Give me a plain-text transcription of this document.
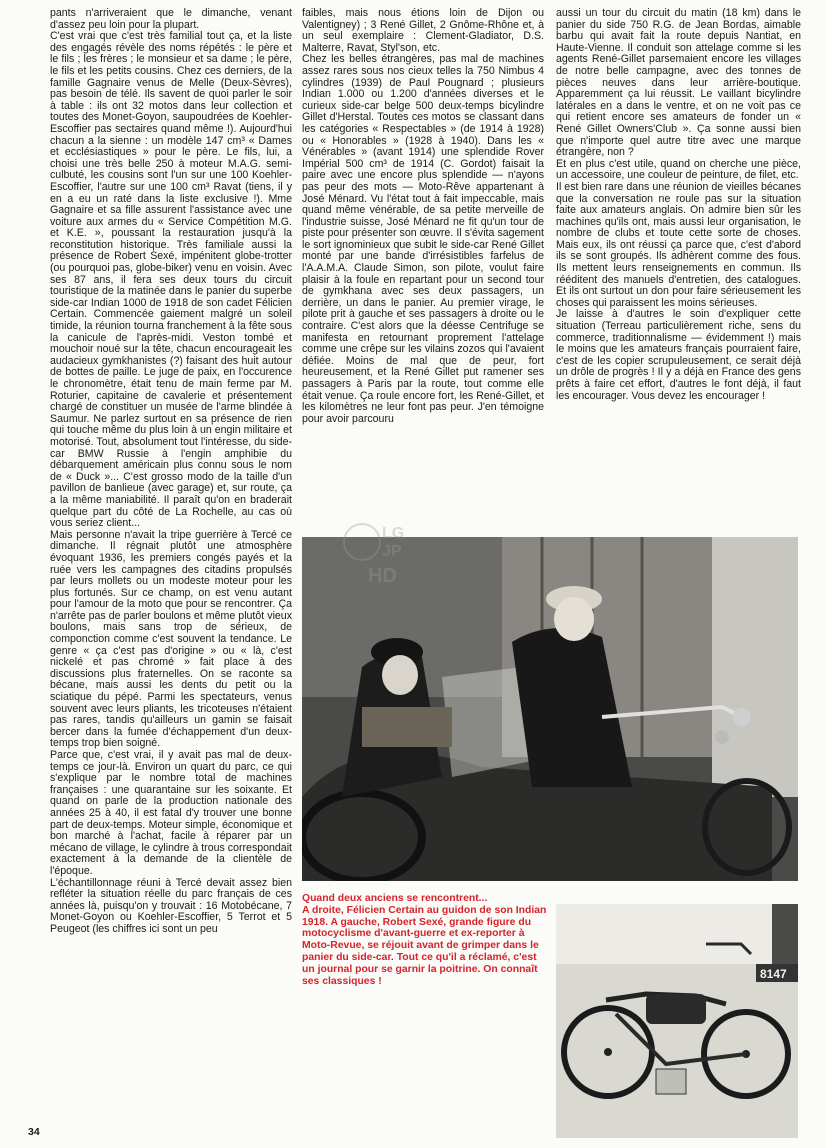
pants n'arriveraient que le dimanche, venant d'assez peu loin pour la plupart.

C'est vrai que c'est très familial tout ça, et la liste des engagés révèle des noms répétés : le père et le fils ; les frères ; le monsieur et sa dame ; le père, le fils et les petits cousins. Chez ces derniers, de la famille Gagnaire venus de Melle (Deux-Sèvres), pas besoin de télé. Ils savent de quoi parler le soir à table : ils ont 32 motos dans leur collection et toutes des Monet-Goyon, saupoudrées de Koehler-Escoffier pas sectaires quand même !). Aujourd'hui chacun a la sienne : un modèle 147 cm³ « Dames et ecclésiastiques » pour le père. Le fils, lui, a choisi une très belle 250 à moteur M.A.G. semi-culbuté, les cousins sont l'un sur une 100 Koehler-Escoffier, l'autre sur une 100 cm³ Ravat (tiens, il y en a eu un raté dans la liste exclusive !). Mme Gagnaire et sa fille assurent l'assistance avec une voiture aux armes du « Service Compétition M.G. et K.E. », poussant la restauration jusqu'à la reconstitution historique. Très familiale aussi la présence de Robert Sexé, impénitent globe-trotter (ou pourquoi pas, globe-biker) venu en voisin. Avec ses 87 ans, il fera ses deux tours du circuit touristique de la matinée dans le panier du superbe side-car Indian 1000 de 1918 de son cadet Félicien Certain. Commencée gaiement malgré un soleil timide, la réunion tourna franchement à la fête sous la canicule de l'après-midi. Veston tombé et mouchoir noué sur la tête, chacun encourageait les audacieux gymkhanistes (?) faisant des huit autour de bottes de paille. Le juge de paix, en l'occurence le chronomètre, était tenu de main ferme par M. Roturier, capitaine de cavalerie et présentement chargé de constituer un musée de l'arme blindée à Saumur. Ne parlez surtout en sa présence de rien qui touche même du plus loin à un engin militaire et motorisé. Tout, absolument tout l'intéresse, du side-car BMW Russie à l'engin amphibie du débarquement américain plus connu sous le nom de « Duck »... C'est grosso modo de la taille d'un pavillon de banlieue (avec garage) et, sur route, ça a la même maniabilité. Il paraît qu'on en braderait quelque part du côté de La Rochelle, au cas où vous seriez client...

Mais personne n'avait la tripe guerrière à Tercé ce dimanche. Il régnait plutôt une atmosphère évoquant 1936, les premiers congés payés et la ruée vers les campagnes des citadins propulsés par leurs mollets ou un modeste moteur pour les plus fortunés. Sur ce champ, on est venu autant pour l'amour de la moto que pour se rencontrer. Ça n'arrête pas de parler boulons et même plutôt vieux boulons, mais sans trop de sérieux, de componction comme c'est souvent la tendance. Le genre « ça c'est pas d'origine » ou « là, c'est nickelé et pas chromé » fait place à des discussions plus fraternelles. On se raconte sa bécane, mais aussi les dents du petit ou la sciatique du pépé. Parmi les spectateurs, venus souvent avec leurs pliants, les tricoteuses n'étaient pas rares, tandis qu'ailleurs un gamin se faisait bercer dans la fumée d'échappement d'un deux-temps trop bien soigné.

Parce que, c'est vrai, il y avait pas mal de deux-temps ce jour-là. Environ un quart du parc, ce qui s'explique par le nombre total de machines françaises : une quarantaine sur les soixante. Et quand on parle de la production nationale des années 25 à 40, il est fatal d'y trouver une bonne part de deux-temps. Moteur simple, économique et bon marché à l'achat, facile à réparer par un mécano de village, le cylindre à trous correspondait exactement à la demande de la clientèle de l'époque.

L'échantillonnage réuni à Tercé devait assez bien refléter la situation réelle du parc français de ces années là, puisqu'on y trouvait : 16 Motobécane, 7 Monet-Goyon ou Koehler-Escoffier, 5 Terrot et 5 Peugeot (les chiffres ici sont un peu

faibles, mais nous étions loin de Dijon ou Valentigney) ; 3 René Gillet, 2 Gnôme-Rhône et, à un seul exemplaire : Clement-Gladiator, D.S. Malterre, Ravat, Styl'son, etc.

Chez les belles étrangères, pas mal de machines assez rares sous nos cieux telles la 750 Nimbus 4 cylindres (1939) de Paul Pougnard ; plusieurs Indian 1.000 ou 1.200 d'années diverses et le curieux side-car belge 500 deux-temps bicylindre Gillet d'Herstal. Toutes ces motos se classant dans les catégories « Respectables » (de 1914 à 1928) ou « Honorables » (1928 à 1940). Dans les « Vénérables » (avant 1914) une splendide Rover Impérial 500 cm³ de 1914 (C. Gordot) faisait la paire avec une encore plus splendide — n'ayons pas peur des mots — Moto-Rêve appartenant à José Ménard. Vu l'état tout à fait impeccable, mais quand même vénérable, de sa petite merveille de l'industrie suisse, José Ménard ne fit qu'un tour de piste pour présenter son œuvre. Il s'évita sagement le sort ignominieux que subit le side-car René Gillet monté par une bande d'irrésistibles farfelus de l'A.A.M.A. Claude Simon, son pilote, voulut faire plaisir à la foule en repartant pour un second tour de gymkhana avec ses deux passagers, un derrière, un dans le panier. Au premier virage, le pilote prit à gauche et ses passagers à droite ou le contraire. C'est alors que la déesse Centrifuge se manifesta en retournant proprement l'attelage comme une crêpe sur les vilains zozos qui l'avaient défiée. Moins de mal que de peur, fort heureusement, et la René Gillet put ramener ses passagers à Paris par la route, tout comme elle était venue. Ça roule encore fort, les René-Gillet, et les kilomètres ne leur font pas peur. J'en témoigne pour avoir parcouru

aussi un tour du circuit du matin (18 km) dans le panier du side 750 R.G. de Jean Bordas, aimable barbu qui avait fait la route depuis Nantiat, en Haute-Vienne. Il conduit son attelage comme si les agents René-Gillet parsemaient encore les villages de notre belle campagne, avec des tonnes de pièces neuves dans leur arrière-boutique. Apparemment ça lui réussit. Le vaillant bicylindre latérales en a dans le ventre, et on ne voit pas ce qui retient encore ses amateurs de fonder un « René Gillet Owners'Club ». Ça sonne aussi bien que n'importe quel autre titre avec une marque étrangère, non ?

Et en plus c'est utile, quand on cherche une pièce, un accessoire, une couleur de peinture, de filet, etc.

Il est bien rare dans une réunion de vieilles bécanes que la conversation ne roule pas sur la situation faite aux amateurs anglais. On admire bien sûr les machines qu'ils ont, mais aussi leur organisation, le nombre de clubs et toute cette sorte de choses. Mais eux, ils ont réussi ça parce que, c'est d'abord ils se sont groupés. Ils adhèrent comme des fous. Ils mettent leurs renseignements en commun. Ils rééditent des manuels d'entretien, des catalogues. Et ils ont surtout un don pour faire sérieusement les choses qui paraissent les moins sérieuses.

Je laisse à d'autres le soin d'expliquer cette situation (Terreau particulièrement riche, sens du commerce, traditionnalisme — évidemment !) mais le moins que les amateurs français pourraient faire, c'est de les copier scrupuleusement, ce serait déjà un drôle de progrès ! Il y a déjà en France des gens prêts à faire cet effort, d'autres le font déjà, il faut les encourager. Vous devez les encourager !

LG
JP
HD
Quand deux anciens se rencontrent...
A droite, Félicien Certain au guidon de son Indian 1918. A gauche, Robert Sexé, grande figure du motocyclisme d'avant-guerre et ex-reporter à Moto-Revue, se réjouit avant de grimper dans le panier du side-car. Tout ce qu'il a réclamé, c'est un journal pour se garnir la poitrine. On connaît ses classiques !
8147
34
